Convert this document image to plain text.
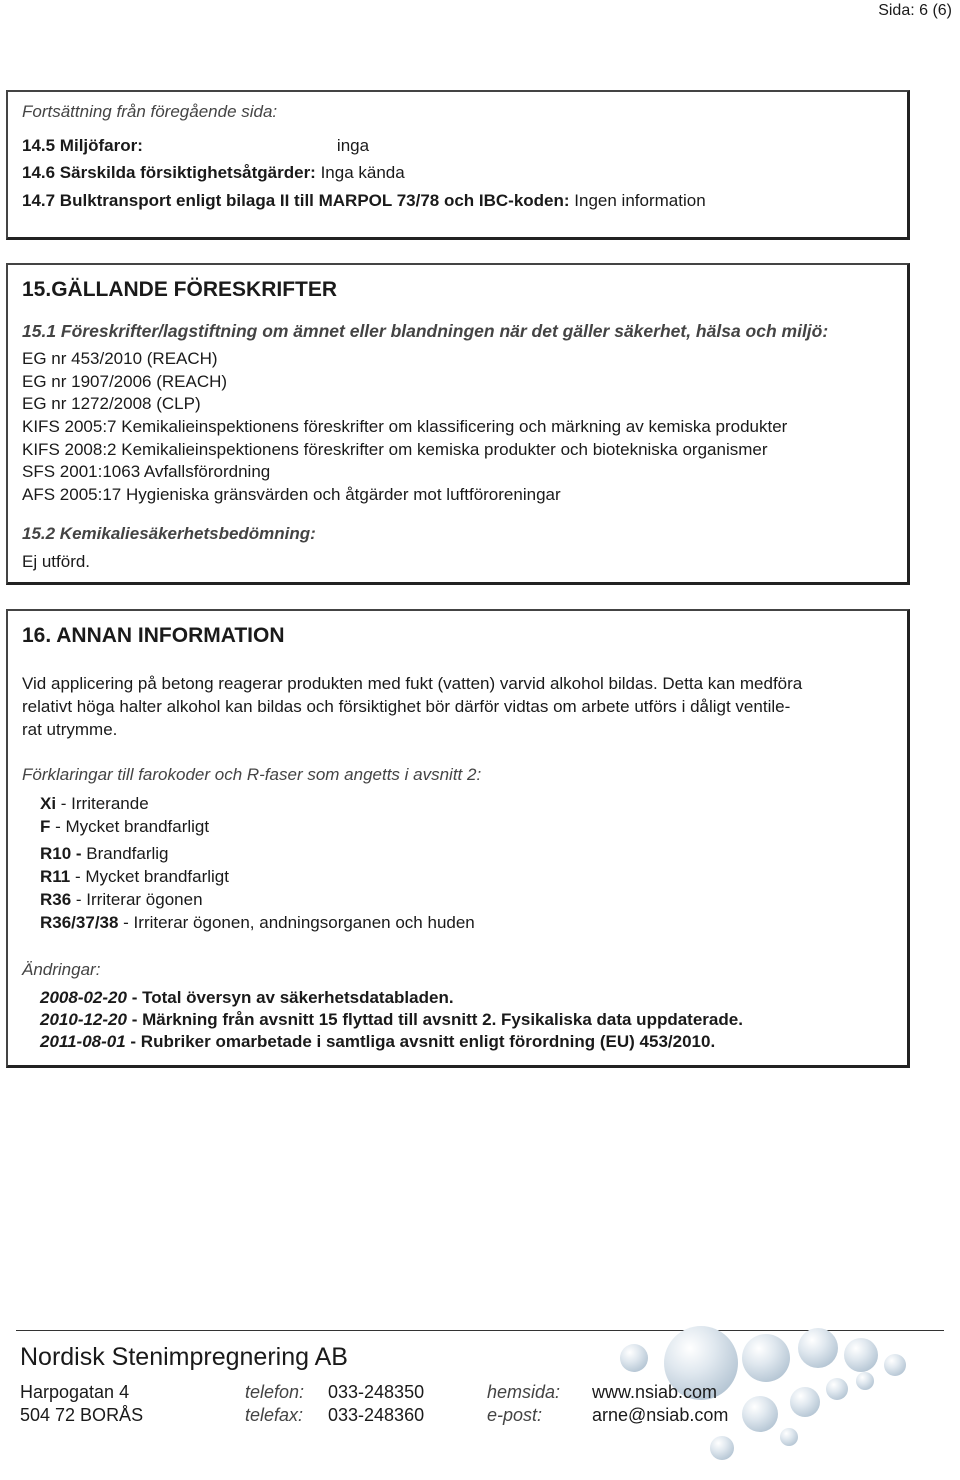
Sida: 6 (6)
Fortsättning från föregående sida:
14.5 Miljöfaror:	inga
14.6 Särskilda försiktighetsåtgärder: Inga kända
14.7 Bulktransport enligt bilaga II till MARPOL 73/78 och IBC-koden: Ingen information
15.GÄLLANDE FÖRESKRIFTER
15.1 Föreskrifter/lagstiftning om ämnet eller blandningen när det gäller säkerhet, hälsa och miljö:
EG nr 453/2010 (REACH)
EG nr 1907/2006 (REACH)
EG nr 1272/2008 (CLP)
KIFS 2005:7 Kemikalieinspektionens föreskrifter om klassificering och märkning av kemiska produkter
KIFS 2008:2 Kemikalieinspektionens föreskrifter om kemiska produkter och biotekniska organismer
SFS 2001:1063 Avfallsförordning
AFS 2005:17 Hygieniska gränsvärden och åtgärder mot luftföroreningar
15.2 Kemikaliesäkerhetsbedömning:
Ej utförd.
16. ANNAN INFORMATION
Vid applicering på betong reagerar produkten med fukt (vatten) varvid alkohol bildas. Detta kan medföra
relativt höga halter alkohol kan bildas och försiktighet bör därför vidtas om arbete utförs i dåligt ventile-
rat utrymme.
Förklaringar till farokoder och R-faser som angetts i avsnitt 2:
Xi - Irriterande
F - Mycket brandfarligt
R10 - Brandfarlig
R11 - Mycket brandfarligt
R36 - Irriterar ögonen
R36/37/38 - Irriterar ögonen, andningsorganen och huden
Ändringar:
2008-02-20 - Total översyn av säkerhetsdatabladen.
2010-12-20 - Märkning från avsnitt 15 flyttad till avsnitt 2. Fysikaliska data uppdaterade.
2011-08-01 - Rubriker omarbetade i samtliga avsnitt enligt förordning (EU) 453/2010.
Nordisk Stenimpregnering AB
Harpogatan 4
504 72 BORÅS
telefon: 033-248350
telefax: 033-248360
hemsida: www.nsiab.com
e-post:	arne@nsiab.com
